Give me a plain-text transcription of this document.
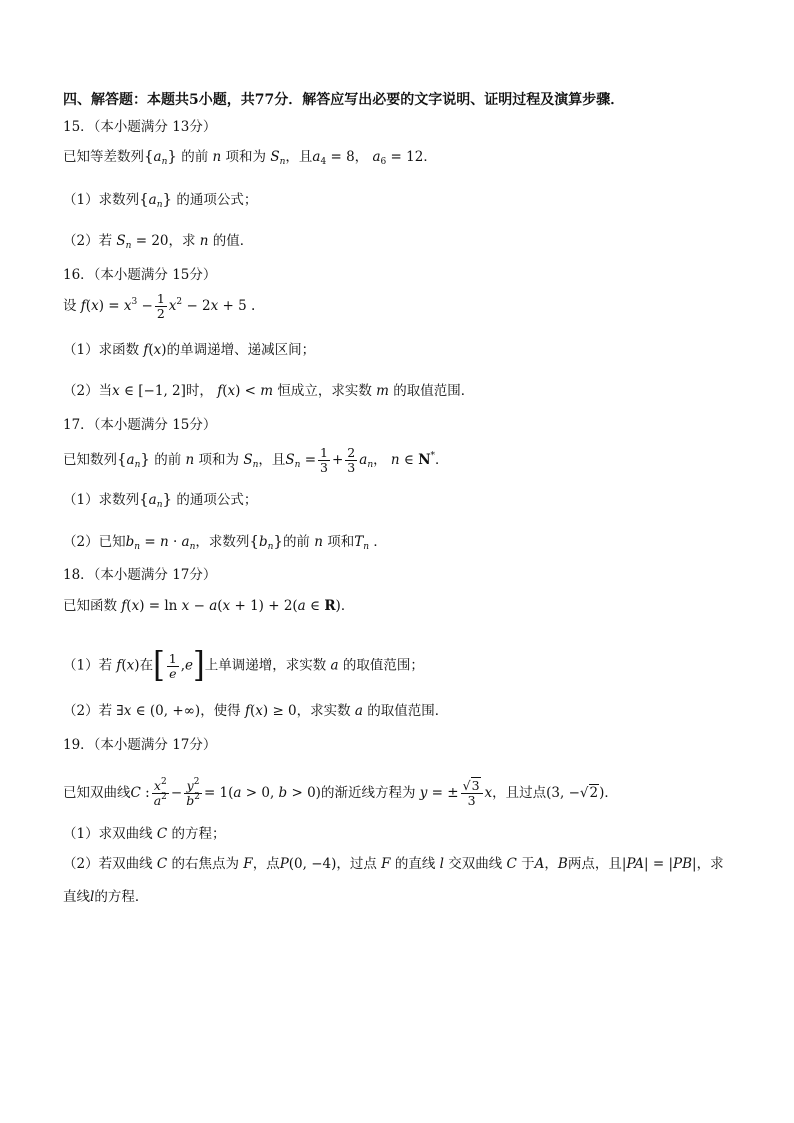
四、解答题：本题共5小题，共77分．解答应写出必要的文字说明、证明过程及演算步骤．
15．（本小题满分 13分）
已知等差数列$\{a_n\}$ 的前 n 项和为 $S_n$，且$a_4 = 8$， $a_6 = 12$．
（1）求数列$\{a_n\}$ 的通项公式；
（2）若 $S_n = 20$，求 n 的值．
16．（本小题满分 15分）
设 $f(x) = x^3 - \frac{1}{2} x^2 - 2x + 5$ .
（1）求函数 f(x)的单调递增、递减区间；
（2）当x ∈ [−1, 2]时， f(x) < m 恒成立，求实数 m 的取值范围．
17．（本小题满分 15分）
已知数列$\{a_n\}$ 的前 n 项和为 $S_n$，且$S_n = \frac{1}{3} + \frac{2}{3} a_n$， n ∈ N*．
（1）求数列$\{a_n\}$ 的通项公式；
（2）已知$b_n = n \cdot a_n$，求数列$\{b_n\}$的前 n 项和$T_n$ ．
18．（本小题满分 17分）
已知函数 f(x) = ln x − a(x + 1) + 2(a ∈ R)．
（1）若 f(x)在[ $\frac{1}{e} ,e$]上单调递增，求实数 a 的取值范围；
（2）若 ∃x ∈ (0, +∞)，使得 f(x) ≥ 0，求实数 a 的取值范围．
19．（本小题满分 17分）
已知双曲线C : $\frac{x^2}{a^2} - \frac{y^2}{b^2} = 1(a > 0$, b > 0)的渐近线方程为 y = ± $\frac{√3}{3}$ x，且过点(3, −√2)．
（1）求双曲线 C 的方程；
（2）若双曲线 C 的右焦点为 F，点P(0, −4)，过点 F 的直线 l 交双曲线 C 于A，B两点，且|PA| = |PB|，求
直线l的方程．
